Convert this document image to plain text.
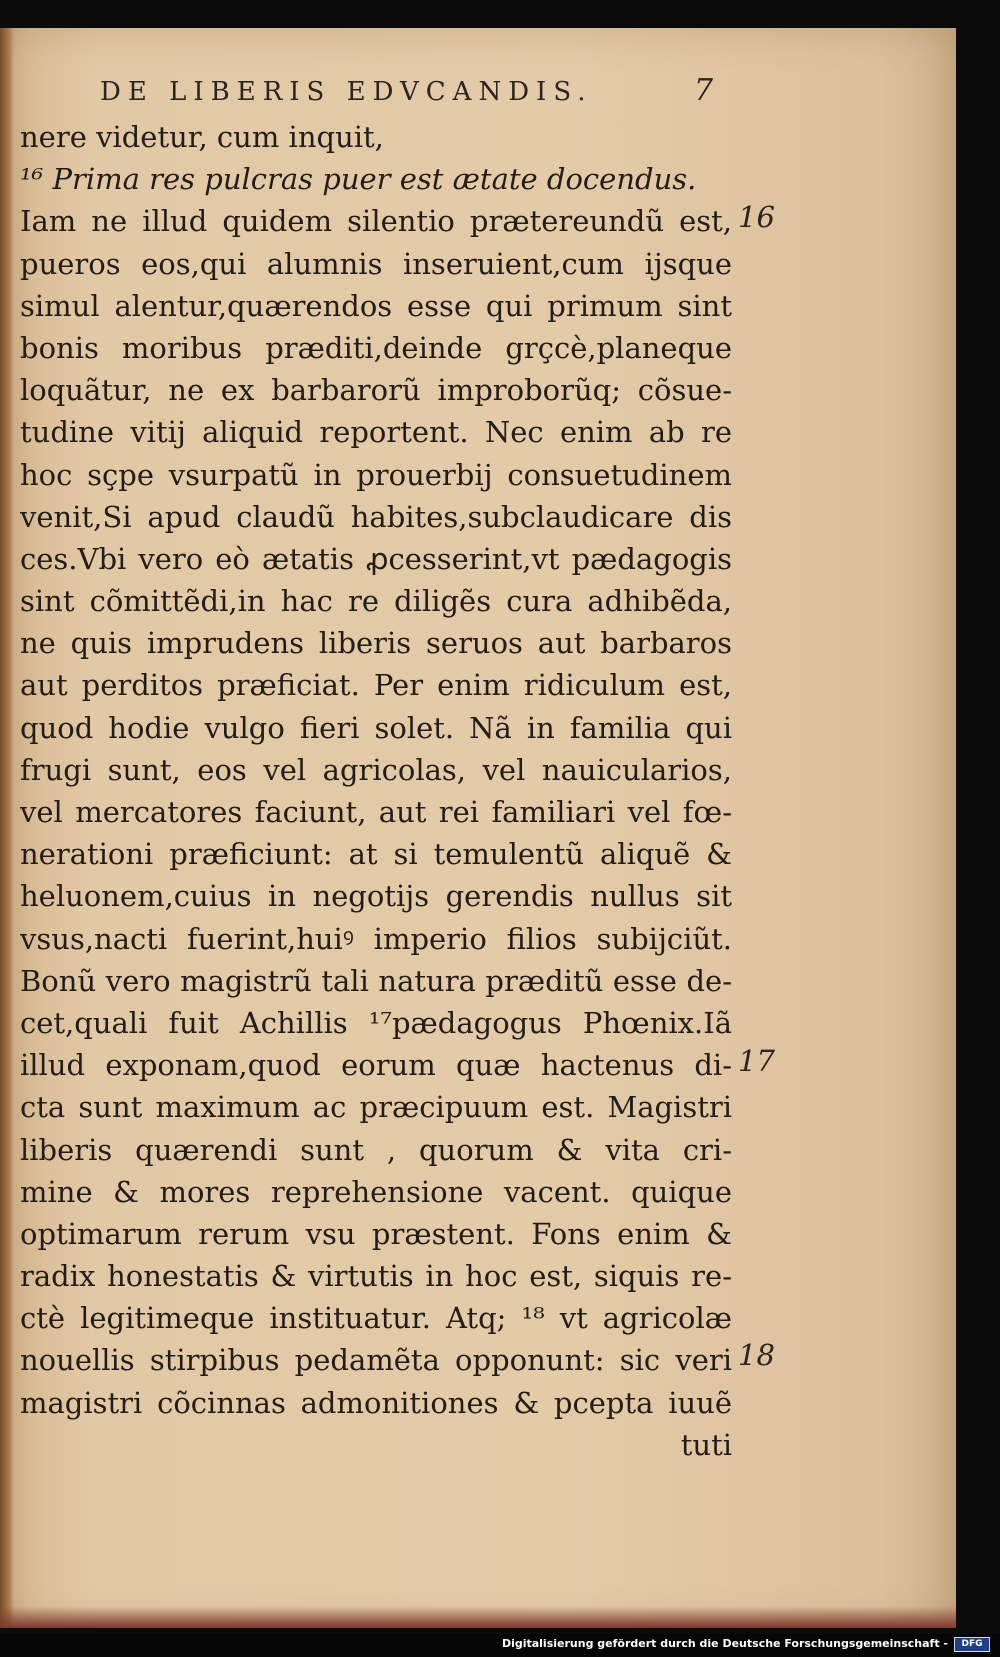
DE LIBERIS EDVCANDIS.	7
nere videtur, cum inquit,
¹⁶ Prima res pulcras puer est ætate docendus.
Iam ne illud quidem silentio prætereundũ est,
pueros eos,qui alumnis inseruient,cum ijsque
simul alentur,quærendos esse qui primum sint
bonis moribus præditi,deinde grçcè,planeque
loquãtur, ne ex barbarorũ improborũq; cõsue-
tudine vitij aliquid reportent. Nec enim ab re
hoc sçpe vsurpatũ in prouerbij consuetudinem
venit,Si apud claudũ habites,subclaudicare dis
ces.Vbi vero eò ætatis ꝓcesserint,vt pædagogis
sint cõmittẽdi,in hac re diligẽs cura adhibẽda,
ne quis imprudens liberis seruos aut barbaros
aut perditos præficiat. Per enim ridiculum est,
quod hodie vulgo fieri solet. Nã in familia qui
frugi sunt, eos vel agricolas, vel nauicularios,
vel mercatores faciunt, aut rei familiari vel fœ-
nerationi præficiunt: at si temulentũ aliquẽ &
heluonem,cuius in negotijs gerendis nullus sit
vsus,nacti fuerint,huiꝰ imperio filios subijciũt.
Bonũ vero magistrũ tali natura præditũ esse de-
cet,quali fuit Achillis ¹⁷pædagogus Phœnix.Iã
illud exponam,quod eorum quæ hactenus di-
cta sunt maximum ac præcipuum est. Magistri
liberis quærendi sunt , quorum & vita cri-
mine & mores reprehensione vacent. quique
optimarum rerum vsu præstent. Fons enim &
radix honestatis & virtutis in hoc est, siquis re-
ctè legitimeque instituatur. Atq; ¹⁸ vt agricolæ
nouellis stirpibus pedamẽta opponunt: sic veri
magistri cõcinnas admonitiones & pcepta iuuẽ
tuti
16
17
18
Digitalisierung gefördert durch die Deutsche Forschungsgemeinschaft -	DFG
